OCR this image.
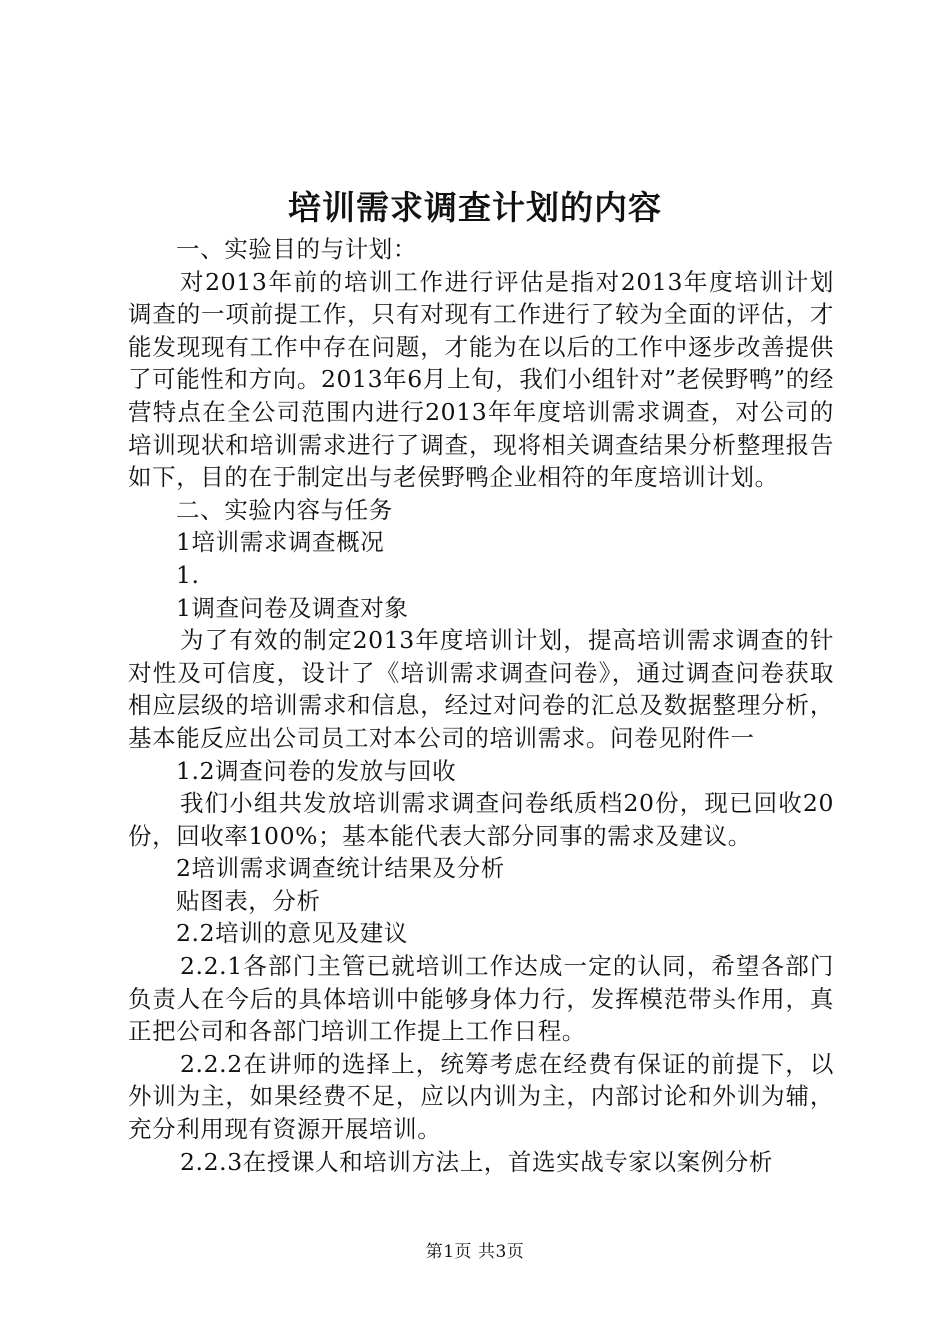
培训需求调查计划的内容

一、实验目的与计划：

对2013年前的培训工作进行评估是指对2013年度培训计划调查的一项前提工作，只有对现有工作进行了较为全面的评估，才能发现现有工作中存在问题，才能为在以后的工作中逐步改善提供了可能性和方向。2013年6月上旬，我们小组针对”老侯野鸭”的经营特点在全公司范围内进行2013年年度培训需求调查，对公司的培训现状和培训需求进行了调查，现将相关调查结果分析整理报告如下，目的在于制定出与老侯野鸭企业相符的年度培训计划。

二、实验内容与任务

1培训需求调查概况

1.

1调查问卷及调查对象

为了有效的制定2013年度培训计划，提高培训需求调查的针对性及可信度，设计了《培训需求调查问卷》，通过调查问卷获取相应层级的培训需求和信息，经过对问卷的汇总及数据整理分析，基本能反应出公司员工对本公司的培训需求。问卷见附件一

1.2调查问卷的发放与回收

我们小组共发放培训需求调查问卷纸质档20份，现已回收20份，回收率100%；基本能代表大部分同事的需求及建议。

2培训需求调查统计结果及分析

贴图表，分析

2.2培训的意见及建议

2.2.1各部门主管已就培训工作达成一定的认同，希望各部门负责人在今后的具体培训中能够身体力行，发挥模范带头作用，真正把公司和各部门培训工作提上工作日程。

2.2.2在讲师的选择上，统筹考虑在经费有保证的前提下，以外训为主，如果经费不足，应以内训为主，内部讨论和外训为辅，充分利用现有资源开展培训。

2.2.3在授课人和培训方法上，首选实战专家以案例分析

第1页 共3页
